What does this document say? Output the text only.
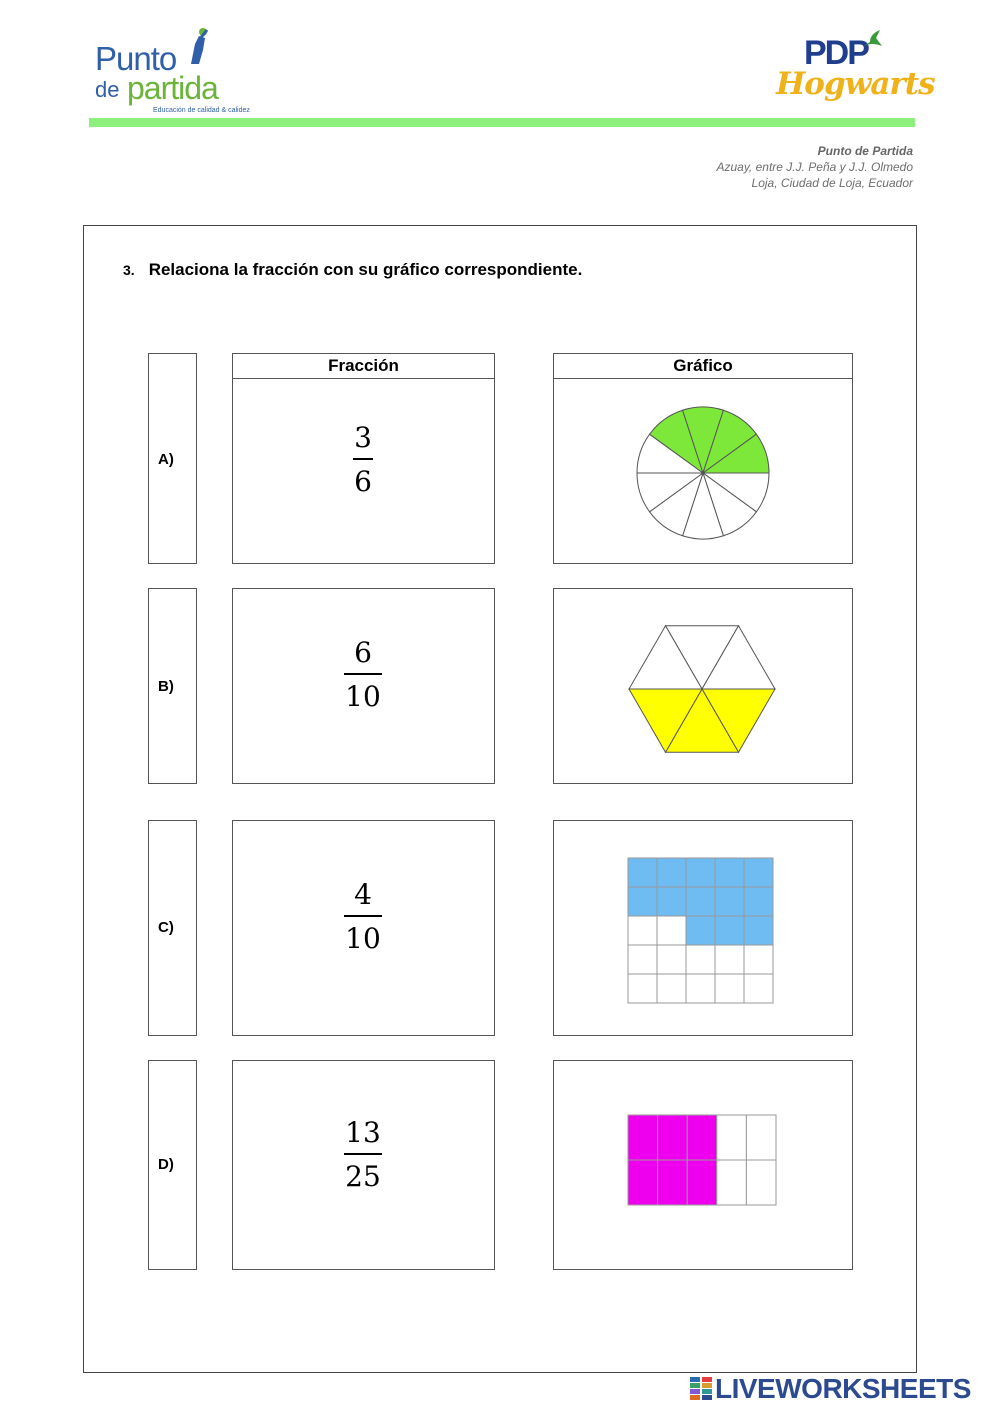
Punto
de partida
Educación de calidad & calidez
PDP
Hogwarts
Punto de Partida
Azuay, entre J.J. Peña y J.J. Olmedo
Loja, Ciudad de Loja, Ecuador
3. Relaciona la fracción con su gráfico correspondiente.
A)
Fracción
3
6
Gráfico
B)
6
10
C)
4
10
D)
13
25
LIVEWORKSHEETS
